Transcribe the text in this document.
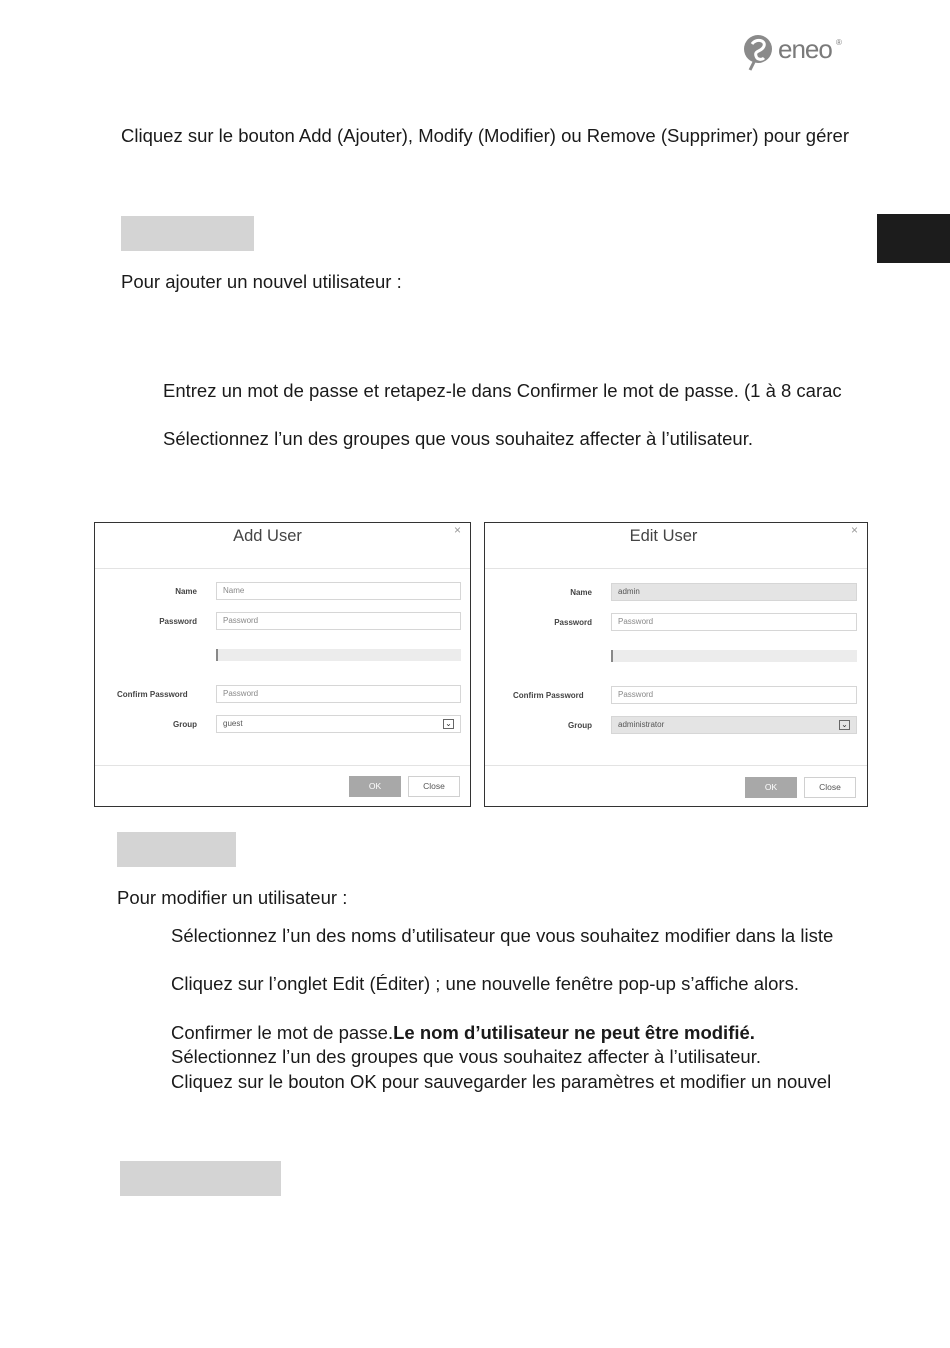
eneo ®
Cliquez sur le bouton Add (Ajouter), Modify (Modifier) ou Remove (Supprimer) pour gérer
Pour ajouter un nouvel utilisateur :
Entrez un mot de passe et retapez-le dans Confirmer le mot de passe. (1 à 8 carac
Sélectionnez l’un des groupes que vous souhaitez affecter à l’utilisateur.
Add User	×
Name	Name
Password	Password
Confirm Password	Password
Group	guest	⌄
OK	Close
Edit User	×
Name	admin
Password	Password
Confirm Password	Password
Group	administrator	⌄
OK	Close
Pour modifier un utilisateur :
Sélectionnez l’un des noms d’utilisateur que vous souhaitez modifier dans la liste
Cliquez sur l’onglet Edit (Éditer) ; une nouvelle fenêtre pop-up s’affiche alors.
Confirmer le mot de passe.Le nom d’utilisateur ne peut être modifié.
Sélectionnez l’un des groupes que vous souhaitez affecter à l’utilisateur.
Cliquez sur le bouton OK pour sauvegarder les paramètres et modifier un nouvel
